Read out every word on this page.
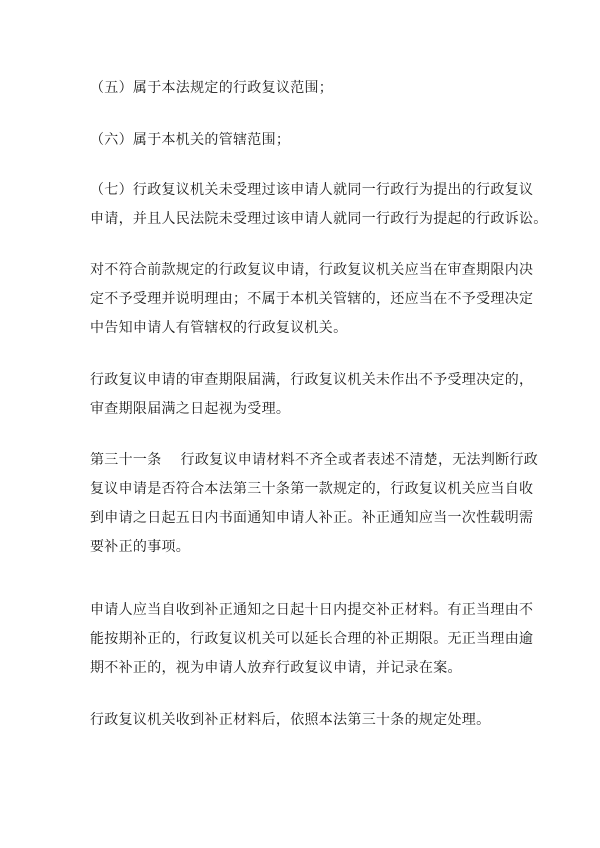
（五）属于本法规定的行政复议范围；

（六）属于本机关的管辖范围；

（七）行政复议机关未受理过该申请人就同一行政行为提出的行政复议
申请，并且人民法院未受理过该申请人就同一行政行为提起的行政诉讼。

对不符合前款规定的行政复议申请，行政复议机关应当在审查期限内决
定不予受理并说明理由；不属于本机关管辖的，还应当在不予受理决定
中告知申请人有管辖权的行政复议机关。

行政复议申请的审查期限届满，行政复议机关未作出不予受理决定的，
审查期限届满之日起视为受理。

第三十一条　 行政复议申请材料不齐全或者表述不清楚，无法判断行政
复议申请是否符合本法第三十条第一款规定的，行政复议机关应当自收
到申请之日起五日内书面通知申请人补正。补正通知应当一次性载明需
要补正的事项。

申请人应当自收到补正通知之日起十日内提交补正材料。有正当理由不
能按期补正的，行政复议机关可以延长合理的补正期限。无正当理由逾
期不补正的，视为申请人放弃行政复议申请，并记录在案。

行政复议机关收到补正材料后，依照本法第三十条的规定处理。
